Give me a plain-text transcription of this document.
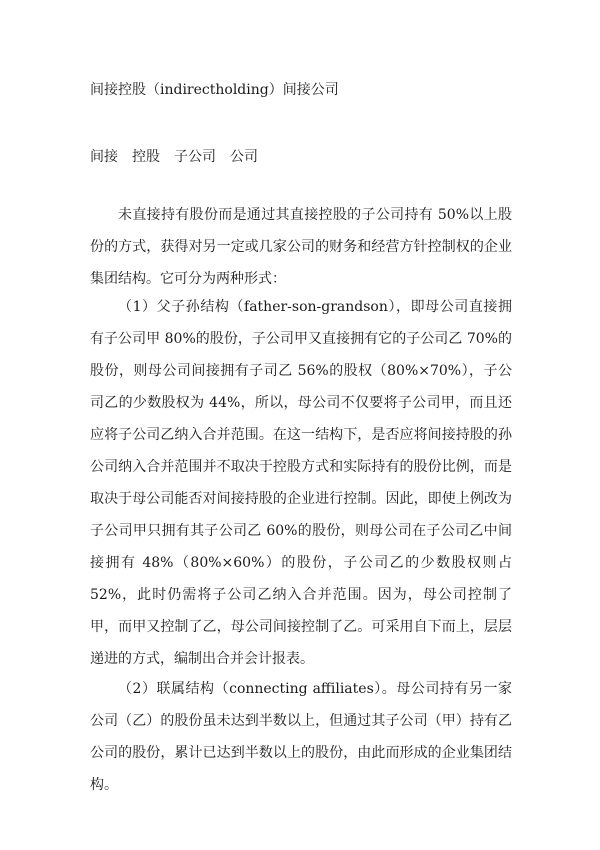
间接控股（indirectholding）间接公司
间接　控股　子公司　公司

未直接持有股份而是通过其直接控股的子公司持有 50%以上股份的方式，获得对另一定或几家公司的财务和经营方针控制权的企业集团结构。它可分为两种形式：

（1）父子孙结构（father-son-grandson），即母公司直接拥有子公司甲 80%的股份，子公司甲又直接拥有它的子公司乙 70%的股份，则母公司间接拥有子司乙 56%的股权（80%×70%），子公司乙的少数股权为 44%，所以，母公司不仅要将子公司甲，而且还应将子公司乙纳入合并范围。在这一结构下，是否应将间接持股的孙公司纳入合并范围并不取决于控股方式和实际持有的股份比例，而是取决于母公司能否对间接持股的企业进行控制。因此，即使上例改为子公司甲只拥有其子公司乙 60%的股份，则母公司在子公司乙中间接拥有 48%（80%×60%）的股份，子公司乙的少数股权则占 52%，此时仍需将子公司乙纳入合并范围。因为，母公司控制了甲，而甲又控制了乙，母公司间接控制了乙。可采用自下而上，层层递进的方式，编制出合并会计报表。

（2）联属结构（connecting affiliates）。母公司持有另一家公司（乙）的股份虽未达到半数以上，但通过其子公司（甲）持有乙公司的股份，累计已达到半数以上的股份，由此而形成的企业集团结构。
